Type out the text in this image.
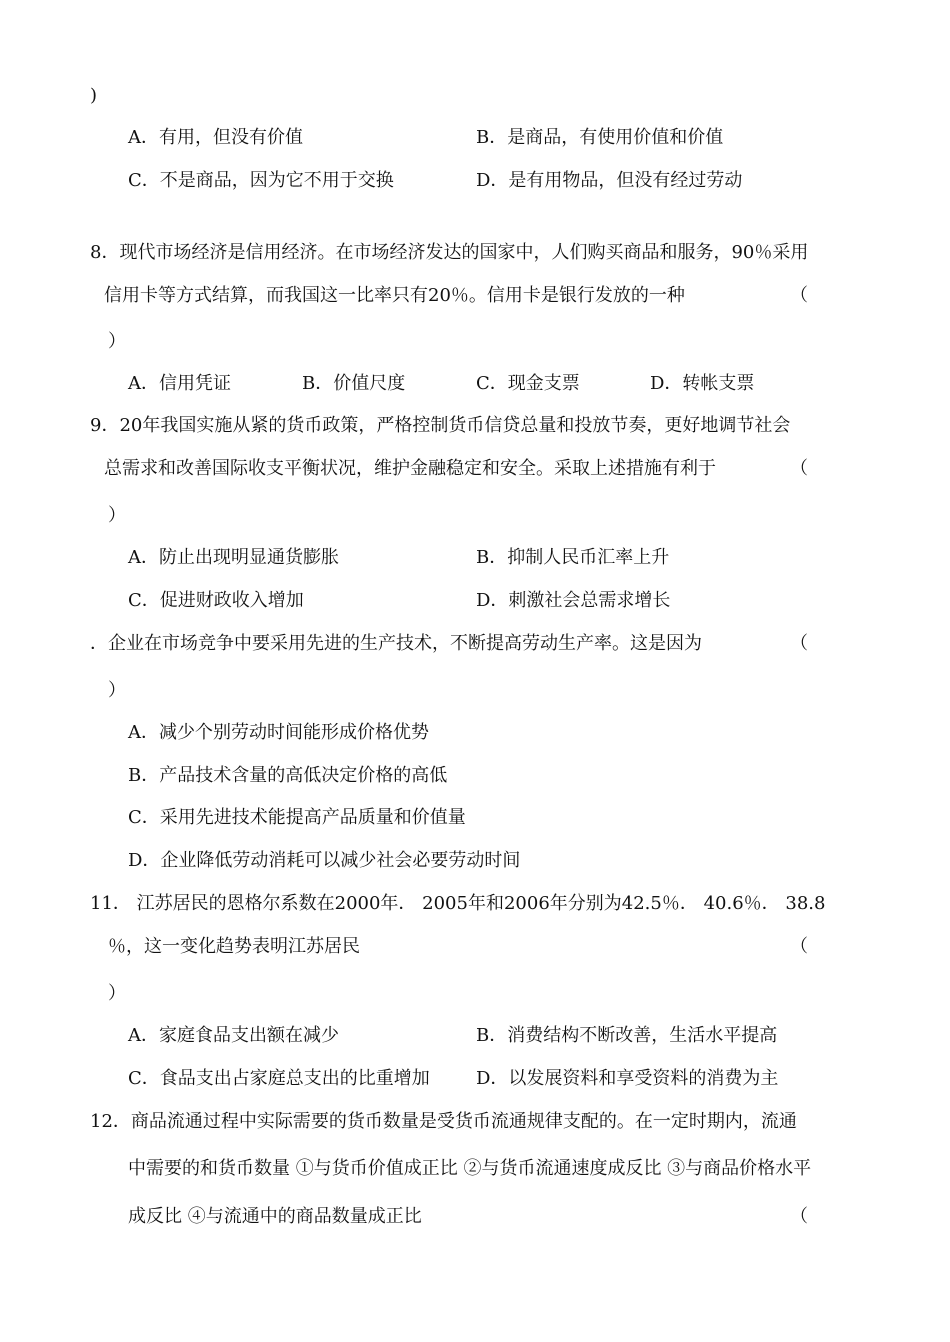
)
A．有用，但没有价值	B．是商品，有使用价值和价值
C．不是商品，因为它不用于交换	D．是有用物品，但没有经过劳动
8．现代市场经济是信用经济。在市场经济发达的国家中，人们购买商品和服务，90％采用
信用卡等方式结算，而我国这一比率只有20％。信用卡是银行发放的一种	（
）
A．信用凭证	B．价值尺度	C．现金支票	D．转帐支票
9．20年我国实施从紧的货币政策，严格控制货币信贷总量和投放节奏，更好地调节社会
总需求和改善国际收支平衡状况，维护金融稳定和安全。采取上述措施有利于	（
）
A．防止出现明显通货膨胀	B．抑制人民币汇率上升
C．促进财政收入增加	D．刺激社会总需求增长
．企业在市场竞争中要采用先进的生产技术，不断提高劳动生产率。这是因为	（
）
A．减少个别劳动时间能形成价格优势
B．产品技术含量的高低决定价格的高低
C．采用先进技术能提高产品质量和价值量
D．企业降低劳动消耗可以减少社会必要劳动时间
11． 江苏居民的恩格尔系数在2000年． 2005年和2006年分别为42.5％． 40.6％． 38.8
％，这一变化趋势表明江苏居民	（
）
A．家庭食品支出额在减少	B．消费结构不断改善，生活水平提高
C．食品支出占家庭总支出的比重增加	D．以发展资料和享受资料的消费为主
12．商品流通过程中实际需要的货币数量是受货币流通规律支配的。在一定时期内，流通
中需要的和货币数量 ①与货币价值成正比 ②与货币流通速度成反比 ③与商品价格水平
成反比 ④与流通中的商品数量成正比	（
